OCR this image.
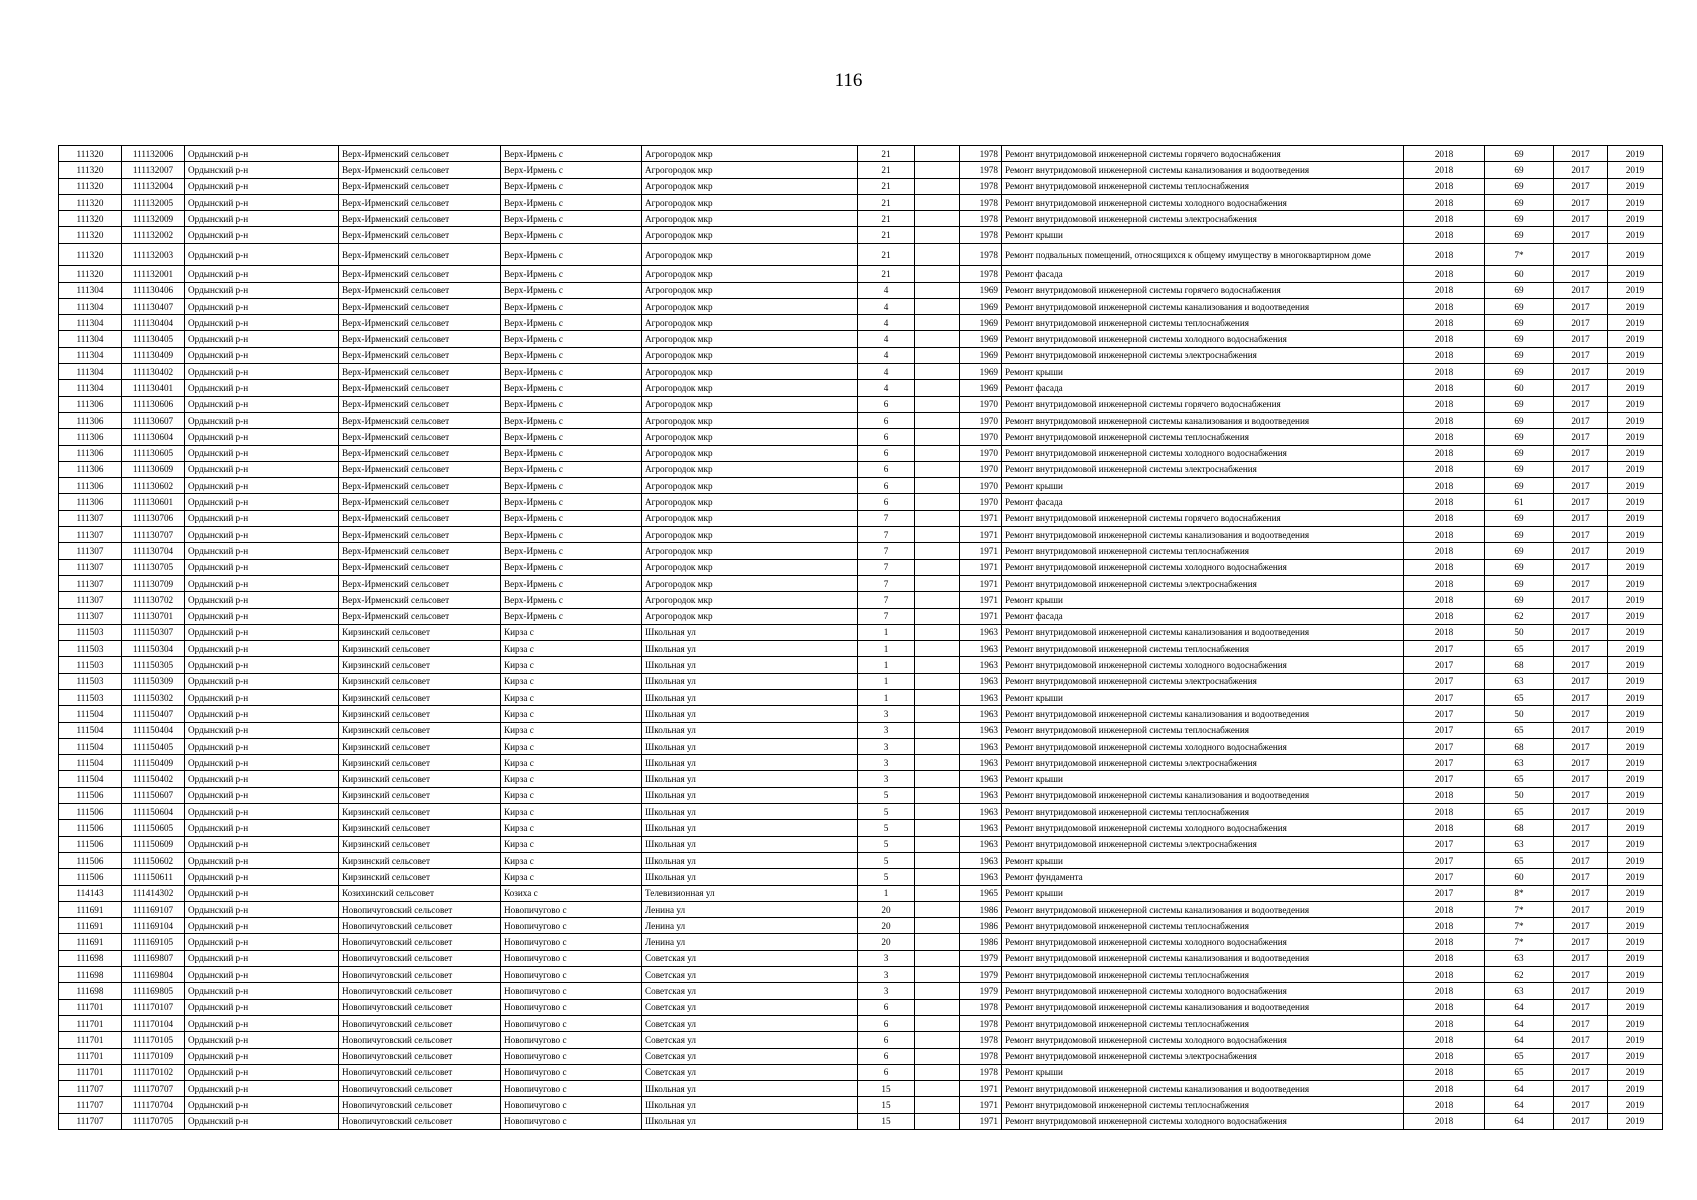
116
111320	111132006	Ордынский р-н	Верх-Ирменский сельсовет	Верх-Ирмень с	Агрогородок мкр	21		1978	Ремонт внутридомовой инженерной системы горячего водоснабжения	2018	69	2017	2019
111320	111132007	Ордынский р-н	Верх-Ирменский сельсовет	Верх-Ирмень с	Агрогородок мкр	21		1978	Ремонт внутридомовой инженерной системы канализования и водоотведения	2018	69	2017	2019
111320	111132004	Ордынский р-н	Верх-Ирменский сельсовет	Верх-Ирмень с	Агрогородок мкр	21		1978	Ремонт внутридомовой инженерной системы теплоснабжения	2018	69	2017	2019
111320	111132005	Ордынский р-н	Верх-Ирменский сельсовет	Верх-Ирмень с	Агрогородок мкр	21		1978	Ремонт внутридомовой инженерной системы холодного водоснабжения	2018	69	2017	2019
111320	111132009	Ордынский р-н	Верх-Ирменский сельсовет	Верх-Ирмень с	Агрогородок мкр	21		1978	Ремонт внутридомовой инженерной системы электроснабжения	2018	69	2017	2019
111320	111132002	Ордынский р-н	Верх-Ирменский сельсовет	Верх-Ирмень с	Агрогородок мкр	21		1978	Ремонт крыши	2018	69	2017	2019
111320	111132003	Ордынский р-н	Верх-Ирменский сельсовет	Верх-Ирмень с	Агрогородок мкр	21		1978	Ремонт подвальных помещений, относящихся к общему имуществу в многоквартирном доме	2018	7*	2017	2019
111320	111132001	Ордынский р-н	Верх-Ирменский сельсовет	Верх-Ирмень с	Агрогородок мкр	21		1978	Ремонт фасада	2018	60	2017	2019
111304	111130406	Ордынский р-н	Верх-Ирменский сельсовет	Верх-Ирмень с	Агрогородок мкр	4		1969	Ремонт внутридомовой инженерной системы горячего водоснабжения	2018	69	2017	2019
111304	111130407	Ордынский р-н	Верх-Ирменский сельсовет	Верх-Ирмень с	Агрогородок мкр	4		1969	Ремонт внутридомовой инженерной системы канализования и водоотведения	2018	69	2017	2019
111304	111130404	Ордынский р-н	Верх-Ирменский сельсовет	Верх-Ирмень с	Агрогородок мкр	4		1969	Ремонт внутридомовой инженерной системы теплоснабжения	2018	69	2017	2019
111304	111130405	Ордынский р-н	Верх-Ирменский сельсовет	Верх-Ирмень с	Агрогородок мкр	4		1969	Ремонт внутридомовой инженерной системы холодного водоснабжения	2018	69	2017	2019
111304	111130409	Ордынский р-н	Верх-Ирменский сельсовет	Верх-Ирмень с	Агрогородок мкр	4		1969	Ремонт внутридомовой инженерной системы электроснабжения	2018	69	2017	2019
111304	111130402	Ордынский р-н	Верх-Ирменский сельсовет	Верх-Ирмень с	Агрогородок мкр	4		1969	Ремонт крыши	2018	69	2017	2019
111304	111130401	Ордынский р-н	Верх-Ирменский сельсовет	Верх-Ирмень с	Агрогородок мкр	4		1969	Ремонт фасада	2018	60	2017	2019
111306	111130606	Ордынский р-н	Верх-Ирменский сельсовет	Верх-Ирмень с	Агрогородок мкр	6		1970	Ремонт внутридомовой инженерной системы горячего водоснабжения	2018	69	2017	2019
111306	111130607	Ордынский р-н	Верх-Ирменский сельсовет	Верх-Ирмень с	Агрогородок мкр	6		1970	Ремонт внутридомовой инженерной системы канализования и водоотведения	2018	69	2017	2019
111306	111130604	Ордынский р-н	Верх-Ирменский сельсовет	Верх-Ирмень с	Агрогородок мкр	6		1970	Ремонт внутридомовой инженерной системы теплоснабжения	2018	69	2017	2019
111306	111130605	Ордынский р-н	Верх-Ирменский сельсовет	Верх-Ирмень с	Агрогородок мкр	6		1970	Ремонт внутридомовой инженерной системы холодного водоснабжения	2018	69	2017	2019
111306	111130609	Ордынский р-н	Верх-Ирменский сельсовет	Верх-Ирмень с	Агрогородок мкр	6		1970	Ремонт внутридомовой инженерной системы электроснабжения	2018	69	2017	2019
111306	111130602	Ордынский р-н	Верх-Ирменский сельсовет	Верх-Ирмень с	Агрогородок мкр	6		1970	Ремонт крыши	2018	69	2017	2019
111306	111130601	Ордынский р-н	Верх-Ирменский сельсовет	Верх-Ирмень с	Агрогородок мкр	6		1970	Ремонт фасада	2018	61	2017	2019
111307	111130706	Ордынский р-н	Верх-Ирменский сельсовет	Верх-Ирмень с	Агрогородок мкр	7		1971	Ремонт внутридомовой инженерной системы горячего водоснабжения	2018	69	2017	2019
111307	111130707	Ордынский р-н	Верх-Ирменский сельсовет	Верх-Ирмень с	Агрогородок мкр	7		1971	Ремонт внутридомовой инженерной системы канализования и водоотведения	2018	69	2017	2019
111307	111130704	Ордынский р-н	Верх-Ирменский сельсовет	Верх-Ирмень с	Агрогородок мкр	7		1971	Ремонт внутридомовой инженерной системы теплоснабжения	2018	69	2017	2019
111307	111130705	Ордынский р-н	Верх-Ирменский сельсовет	Верх-Ирмень с	Агрогородок мкр	7		1971	Ремонт внутридомовой инженерной системы холодного водоснабжения	2018	69	2017	2019
111307	111130709	Ордынский р-н	Верх-Ирменский сельсовет	Верх-Ирмень с	Агрогородок мкр	7		1971	Ремонт внутридомовой инженерной системы электроснабжения	2018	69	2017	2019
111307	111130702	Ордынский р-н	Верх-Ирменский сельсовет	Верх-Ирмень с	Агрогородок мкр	7		1971	Ремонт крыши	2018	69	2017	2019
111307	111130701	Ордынский р-н	Верх-Ирменский сельсовет	Верх-Ирмень с	Агрогородок мкр	7		1971	Ремонт фасада	2018	62	2017	2019
111503	111150307	Ордынский р-н	Кирзинский сельсовет	Кирза с	Школьная ул	1		1963	Ремонт внутридомовой инженерной системы канализования и водоотведения	2018	50	2017	2019
111503	111150304	Ордынский р-н	Кирзинский сельсовет	Кирза с	Школьная ул	1		1963	Ремонт внутридомовой инженерной системы теплоснабжения	2017	65	2017	2019
111503	111150305	Ордынский р-н	Кирзинский сельсовет	Кирза с	Школьная ул	1		1963	Ремонт внутридомовой инженерной системы холодного водоснабжения	2017	68	2017	2019
111503	111150309	Ордынский р-н	Кирзинский сельсовет	Кирза с	Школьная ул	1		1963	Ремонт внутридомовой инженерной системы электроснабжения	2017	63	2017	2019
111503	111150302	Ордынский р-н	Кирзинский сельсовет	Кирза с	Школьная ул	1		1963	Ремонт крыши	2017	65	2017	2019
111504	111150407	Ордынский р-н	Кирзинский сельсовет	Кирза с	Школьная ул	3		1963	Ремонт внутридомовой инженерной системы канализования и водоотведения	2017	50	2017	2019
111504	111150404	Ордынский р-н	Кирзинский сельсовет	Кирза с	Школьная ул	3		1963	Ремонт внутридомовой инженерной системы теплоснабжения	2017	65	2017	2019
111504	111150405	Ордынский р-н	Кирзинский сельсовет	Кирза с	Школьная ул	3		1963	Ремонт внутридомовой инженерной системы холодного водоснабжения	2017	68	2017	2019
111504	111150409	Ордынский р-н	Кирзинский сельсовет	Кирза с	Школьная ул	3		1963	Ремонт внутридомовой инженерной системы электроснабжения	2017	63	2017	2019
111504	111150402	Ордынский р-н	Кирзинский сельсовет	Кирза с	Школьная ул	3		1963	Ремонт крыши	2017	65	2017	2019
111506	111150607	Ордынский р-н	Кирзинский сельсовет	Кирза с	Школьная ул	5		1963	Ремонт внутридомовой инженерной системы канализования и водоотведения	2018	50	2017	2019
111506	111150604	Ордынский р-н	Кирзинский сельсовет	Кирза с	Школьная ул	5		1963	Ремонт внутридомовой инженерной системы теплоснабжения	2018	65	2017	2019
111506	111150605	Ордынский р-н	Кирзинский сельсовет	Кирза с	Школьная ул	5		1963	Ремонт внутридомовой инженерной системы холодного водоснабжения	2018	68	2017	2019
111506	111150609	Ордынский р-н	Кирзинский сельсовет	Кирза с	Школьная ул	5		1963	Ремонт внутридомовой инженерной системы электроснабжения	2017	63	2017	2019
111506	111150602	Ордынский р-н	Кирзинский сельсовет	Кирза с	Школьная ул	5		1963	Ремонт крыши	2017	65	2017	2019
111506	111150611	Ордынский р-н	Кирзинский сельсовет	Кирза с	Школьная ул	5		1963	Ремонт фундамента	2017	60	2017	2019
114143	111414302	Ордынский р-н	Козихинский сельсовет	Козиха с	Телевизионная ул	1		1965	Ремонт крыши	2017	8*	2017	2019
111691	111169107	Ордынский р-н	Новопичуговский сельсовет	Новопичугово с	Ленина ул	20		1986	Ремонт внутридомовой инженерной системы канализования и водоотведения	2018	7*	2017	2019
111691	111169104	Ордынский р-н	Новопичуговский сельсовет	Новопичугово с	Ленина ул	20		1986	Ремонт внутридомовой инженерной системы теплоснабжения	2018	7*	2017	2019
111691	111169105	Ордынский р-н	Новопичуговский сельсовет	Новопичугово с	Ленина ул	20		1986	Ремонт внутридомовой инженерной системы холодного водоснабжения	2018	7*	2017	2019
111698	111169807	Ордынский р-н	Новопичуговский сельсовет	Новопичугово с	Советская ул	3		1979	Ремонт внутридомовой инженерной системы канализования и водоотведения	2018	63	2017	2019
111698	111169804	Ордынский р-н	Новопичуговский сельсовет	Новопичугово с	Советская ул	3		1979	Ремонт внутридомовой инженерной системы теплоснабжения	2018	62	2017	2019
111698	111169805	Ордынский р-н	Новопичуговский сельсовет	Новопичугово с	Советская ул	3		1979	Ремонт внутридомовой инженерной системы холодного водоснабжения	2018	63	2017	2019
111701	111170107	Ордынский р-н	Новопичуговский сельсовет	Новопичугово с	Советская ул	6		1978	Ремонт внутридомовой инженерной системы канализования и водоотведения	2018	64	2017	2019
111701	111170104	Ордынский р-н	Новопичуговский сельсовет	Новопичугово с	Советская ул	6		1978	Ремонт внутридомовой инженерной системы теплоснабжения	2018	64	2017	2019
111701	111170105	Ордынский р-н	Новопичуговский сельсовет	Новопичугово с	Советская ул	6		1978	Ремонт внутридомовой инженерной системы холодного водоснабжения	2018	64	2017	2019
111701	111170109	Ордынский р-н	Новопичуговский сельсовет	Новопичугово с	Советская ул	6		1978	Ремонт внутридомовой инженерной системы электроснабжения	2018	65	2017	2019
111701	111170102	Ордынский р-н	Новопичуговский сельсовет	Новопичугово с	Советская ул	6		1978	Ремонт крыши	2018	65	2017	2019
111707	111170707	Ордынский р-н	Новопичуговский сельсовет	Новопичугово с	Школьная ул	15		1971	Ремонт внутридомовой инженерной системы канализования и водоотведения	2018	64	2017	2019
111707	111170704	Ордынский р-н	Новопичуговский сельсовет	Новопичугово с	Школьная ул	15		1971	Ремонт внутридомовой инженерной системы теплоснабжения	2018	64	2017	2019
111707	111170705	Ордынский р-н	Новопичуговский сельсовет	Новопичугово с	Школьная ул	15		1971	Ремонт внутридомовой инженерной системы холодного водоснабжения	2018	64	2017	2019
